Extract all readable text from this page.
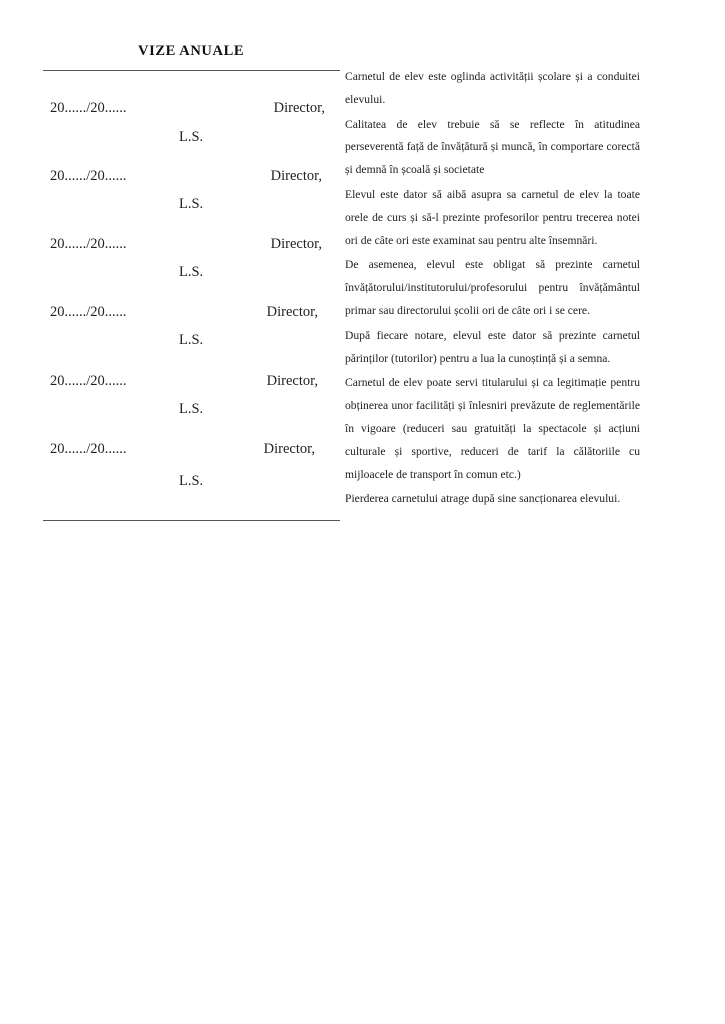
VIZE ANUALE
20....../20......	Director,
L.S.
20....../20......	Director,
L.S.
20....../20......	Director,
L.S.
20....../20......	Director,
L.S.
20....../20......	Director,
L.S.
20....../20......	Director,
L.S.

Carnetul de elev este oglinda activității școlare și a conduitei elevului.

Calitatea de elev trebuie să se reflecte în atitudinea perseverentă față de învățătură și muncă, în comportare corectă și demnă în școală și societate

Elevul este dator să aibă asupra sa carnetul de elev la toate orele de curs și să-l prezinte profesorilor pentru trecerea notei ori de câte ori este examinat sau pentru alte însemnări.

De asemenea, elevul este obligat să prezinte carnetul învățătorului/institutorului/profesorului pentru învățământul primar sau directorului școlii ori de câte ori i se cere.

După fiecare notare, elevul este dator să prezinte carnetul părinților (tutorilor) pentru a lua la cunoștință și a semna.

Carnetul de elev poate servi titularului și ca legitimație pentru obținerea unor facilități și înlesniri prevăzute de reglementările în vigoare (reduceri sau gratuități la spectacole și acțiuni culturale și sportive, reduceri de tarif la călătoriile cu mijloacele de transport în comun etc.)

Pierderea carnetului atrage după sine sancționarea elevului.
